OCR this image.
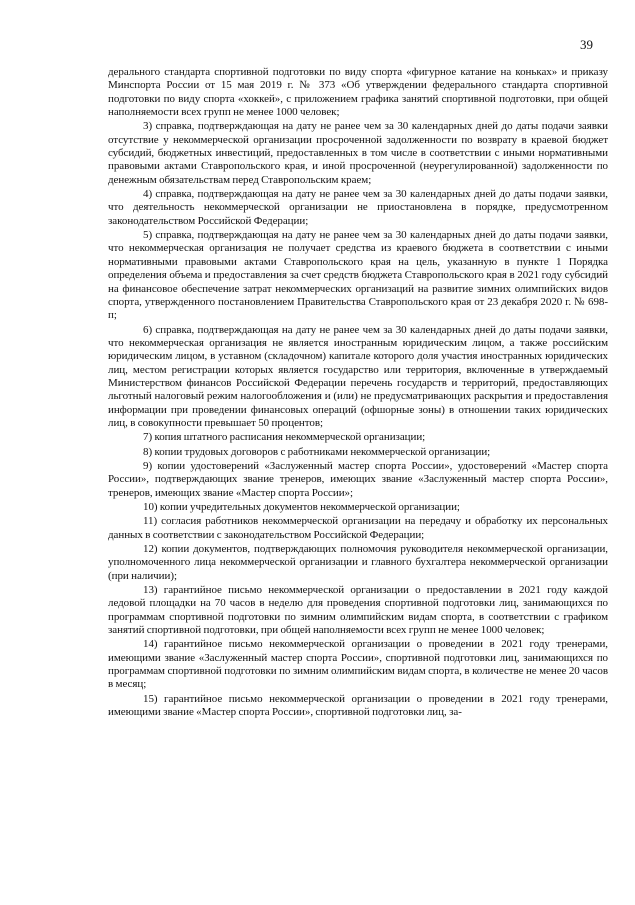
39

дерального стандарта спортивной подготовки по виду спорта «фигурное катание на коньках» и приказу Минспорта России от 15 мая 2019 г. № 373 «Об утверждении федерального стандарта спортивной подготовки по виду спорта «хоккей», с приложением графика занятий спортивной подготовки, при общей наполняемости всех групп не менее 1000 человек;

3) справка, подтверждающая на дату не ранее чем за 30 календарных дней до даты подачи заявки отсутствие у некоммерческой организации просроченной задолженности по возврату в краевой бюджет субсидий, бюджетных инвестиций, предоставленных в том числе в соответствии с иными нормативными правовыми актами Ставропольского края, и иной просроченной (неурегулированной) задолженности по денежным обязательствам перед Ставропольским краем;

4) справка, подтверждающая на дату не ранее чем за 30 календарных дней до даты подачи заявки, что деятельность некоммерческой организации не приостановлена в порядке, предусмотренном законодательством Российской Федерации;

5) справка, подтверждающая на дату не ранее чем за 30 календарных дней до даты подачи заявки, что некоммерческая организация не получает средства из краевого бюджета в соответствии с иными нормативными правовыми актами Ставропольского края на цель, указанную в пункте 1 Порядка определения объема и предоставления за счет средств бюджета Ставропольского края в 2021 году субсидий на финансовое обеспечение затрат некоммерческих организаций на развитие зимних олимпийских видов спорта, утвержденного постановлением Правительства Ставропольского края от 23 декабря 2020 г. № 698-п;

6) справка, подтверждающая на дату не ранее чем за 30 календарных дней до даты подачи заявки, что некоммерческая организация не является иностранным юридическим лицом, а также российским юридическим лицом, в уставном (складочном) капитале которого доля участия иностранных юридических лиц, местом регистрации которых является государство или территория, включенные в утверждаемый Министерством финансов Российской Федерации перечень государств и территорий, предоставляющих льготный налоговый режим налогообложения и (или) не предусматривающих раскрытия и предоставления информации при проведении финансовых операций (офшорные зоны) в отношении таких юридических лиц, в совокупности превышает 50 процентов;

7) копия штатного расписания некоммерческой организации;

8) копии трудовых договоров с работниками некоммерческой организации;

9) копии удостоверений «Заслуженный мастер спорта России», удостоверений «Мастер спорта России», подтверждающих звание тренеров, имеющих звание «Заслуженный мастер спорта России», тренеров, имеющих звание «Мастер спорта России»;

10) копии учредительных документов некоммерческой организации;

11) согласия работников некоммерческой организации на передачу и обработку их персональных данных в соответствии с законодательством Российской Федерации;

12) копии документов, подтверждающих полномочия руководителя некоммерческой организации, уполномоченного лица некоммерческой организации и главного бухгалтера некоммерческой организации (при наличии);

13) гарантийное письмо некоммерческой организации о предоставлении в 2021 году каждой ледовой площадки на 70 часов в неделю для проведения спортивной подготовки лиц, занимающихся по программам спортивной подготовки по зимним олимпийским видам спорта, в соответствии с графиком занятий спортивной подготовки, при общей наполняемости всех групп не менее 1000 человек;

14) гарантийное письмо некоммерческой организации о проведении в 2021 году тренерами, имеющими звание «Заслуженный мастер спорта России», спортивной подготовки лиц, занимающихся по программам спортивной подготовки по зимним олимпийским видам спорта, в количестве не менее 20 часов в месяц;

15) гарантийное письмо некоммерческой организации о проведении в 2021 году тренерами, имеющими звание «Мастер спорта России», спортивной подготовки лиц, за-
